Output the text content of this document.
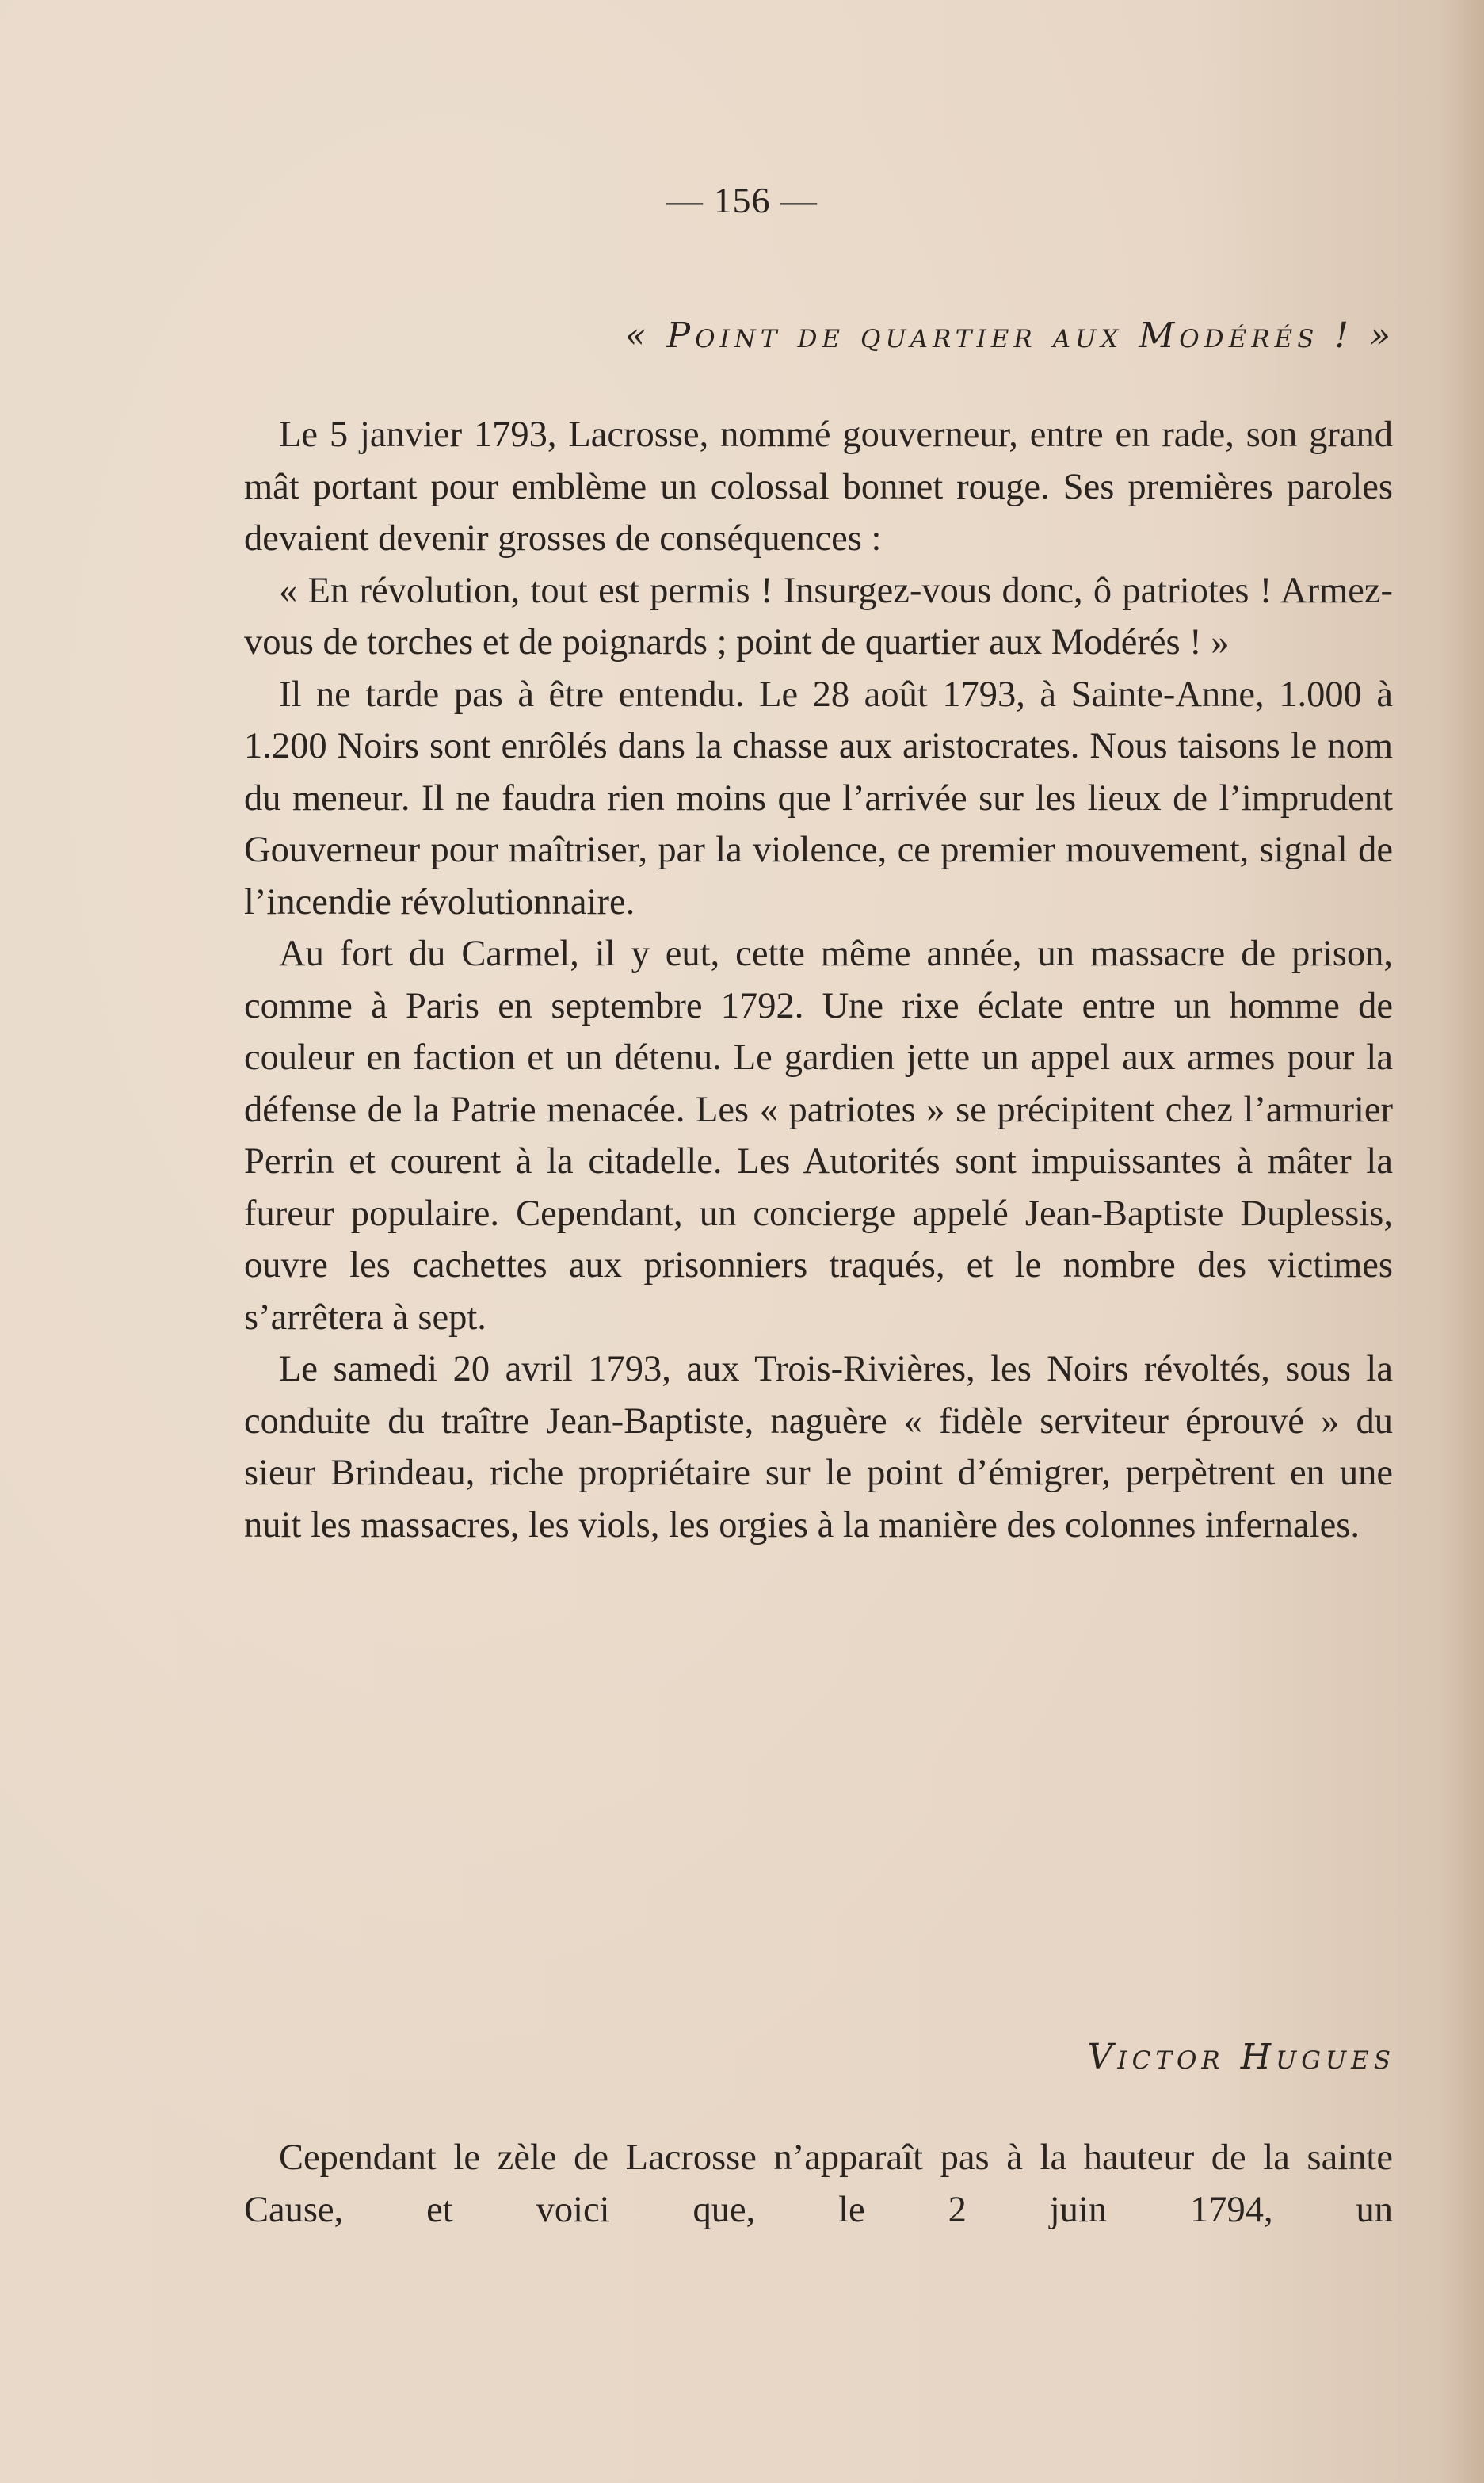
— 156 —
« Point de quartier aux Modérés ! »

Le 5 janvier 1793, Lacrosse, nommé gouverneur, entre en rade, son grand mât portant pour emblème un colossal bonnet rouge. Ses premières paroles devaient devenir grosses de conséquences :

« En révolution, tout est permis ! Insurgez-vous donc, ô patriotes ! Armez-vous de torches et de poignards ; point de quartier aux Modérés ! »

Il ne tarde pas à être entendu. Le 28 août 1793, à Sainte-Anne, 1.000 à 1.200 Noirs sont enrôlés dans la chasse aux aristocrates. Nous taisons le nom du meneur. Il ne faudra rien moins que l’arrivée sur les lieux de l’imprudent Gouverneur pour maîtriser, par la violence, ce premier mouvement, signal de l’incendie révolutionnaire.

Au fort du Carmel, il y eut, cette même année, un massacre de prison, comme à Paris en septembre 1792. Une rixe éclate entre un homme de couleur en faction et un détenu. Le gardien jette un appel aux armes pour la défense de la Patrie menacée. Les « patriotes » se précipitent chez l’armurier Perrin et courent à la citadelle. Les Autorités sont impuissantes à mâter la fureur populaire. Cependant, un concierge appelé Jean-Baptiste Duplessis, ouvre les cachettes aux prisonniers traqués, et le nombre des victimes s’arrêtera à sept.

Le samedi 20 avril 1793, aux Trois-Rivières, les Noirs révoltés, sous la conduite du traître Jean-Baptiste, naguère « fidèle serviteur éprouvé » du sieur Brindeau, riche propriétaire sur le point d’émigrer, perpètrent en une nuit les massacres, les viols, les orgies à la manière des colonnes infernales.

Victor Hugues

Cependant le zèle de Lacrosse n’apparaît pas à la hauteur de la sainte Cause, et voici que, le 2 juin 1794, un
